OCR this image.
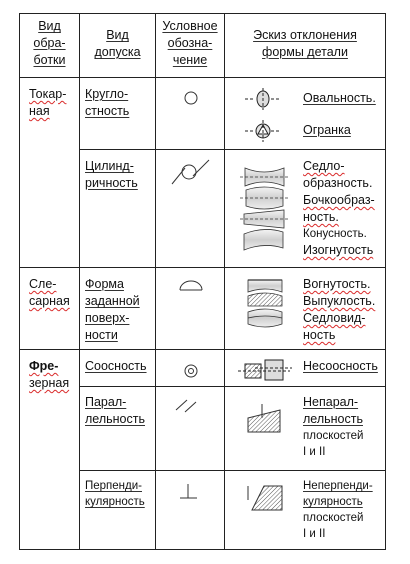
Вид
обра-
ботки
Вид
допуска
Условное
обозна-
чение
Эскиз отклонения
формы детали
Токар-
ная
Кругло-
стность
Овальность.
Огранка
Цилинд-
ричность
Седло-
образность.
Бочкообраз-
ность.
Конусность.
Изогнутость
Сле-
сарная
Форма
заданной
поверх-
ности
Вогнутость.
Выпуклость.
Седловид-
ность
Фре-
зерная
Соосность	Несоосность
Парал-
лельность
Непарал-
лельность
плоскостей
I и II
Перпенди-
кулярность
Неперпенди-
кулярность
плоскостей
I и II
